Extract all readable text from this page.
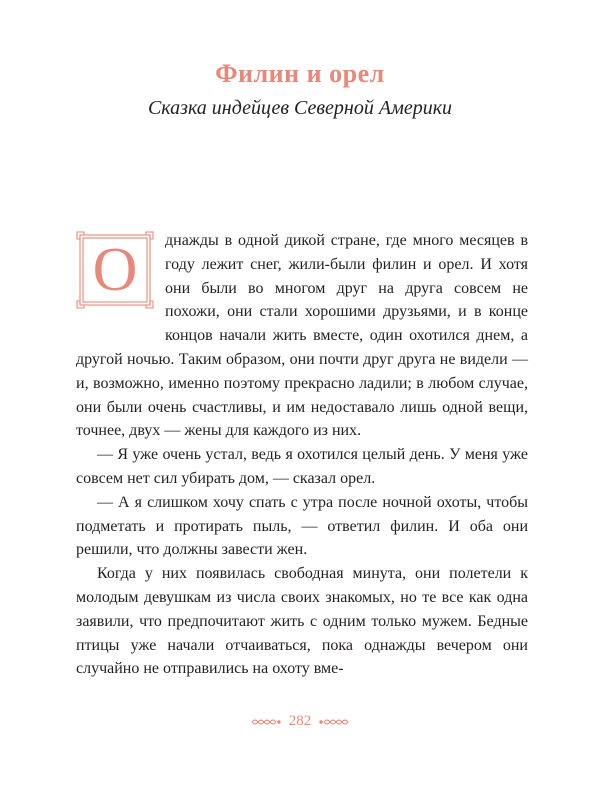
Филин и орел
Сказка индейцев Северной Америки
О	днажды в одной дикой стране, где много месяцев в году лежит снег, жили-были филин и орел. И хотя они были во многом друг на друга совсем не похожи, они стали хорошими друзьями, и в конце концов начали жить вместе, один охотился днем, а другой ночью. Таким образом, они почти друг друга не видели — и, возможно, именно поэтому прекрасно ладили; в любом случае, они были очень счастливы, и им недоставало лишь одной вещи, точнее, двух — жены для каждого из них.

— Я уже очень устал, ведь я охотился целый день. У меня уже совсем нет сил убирать дом, — сказал орел.

— А я слишком хочу спать с утра после ночной охоты, чтобы подметать и протирать пыль, — ответил филин. И оба они решили, что должны завести жен.

Когда у них появилась свободная минута, они полетели к молодым девушкам из числа своих знакомых, но те все как одна заявили, что предпочитают жить с одним только мужем. Бедные птицы уже начали отчаиваться, пока однажды вечером они случайно не отправились на охоту вме-

282
